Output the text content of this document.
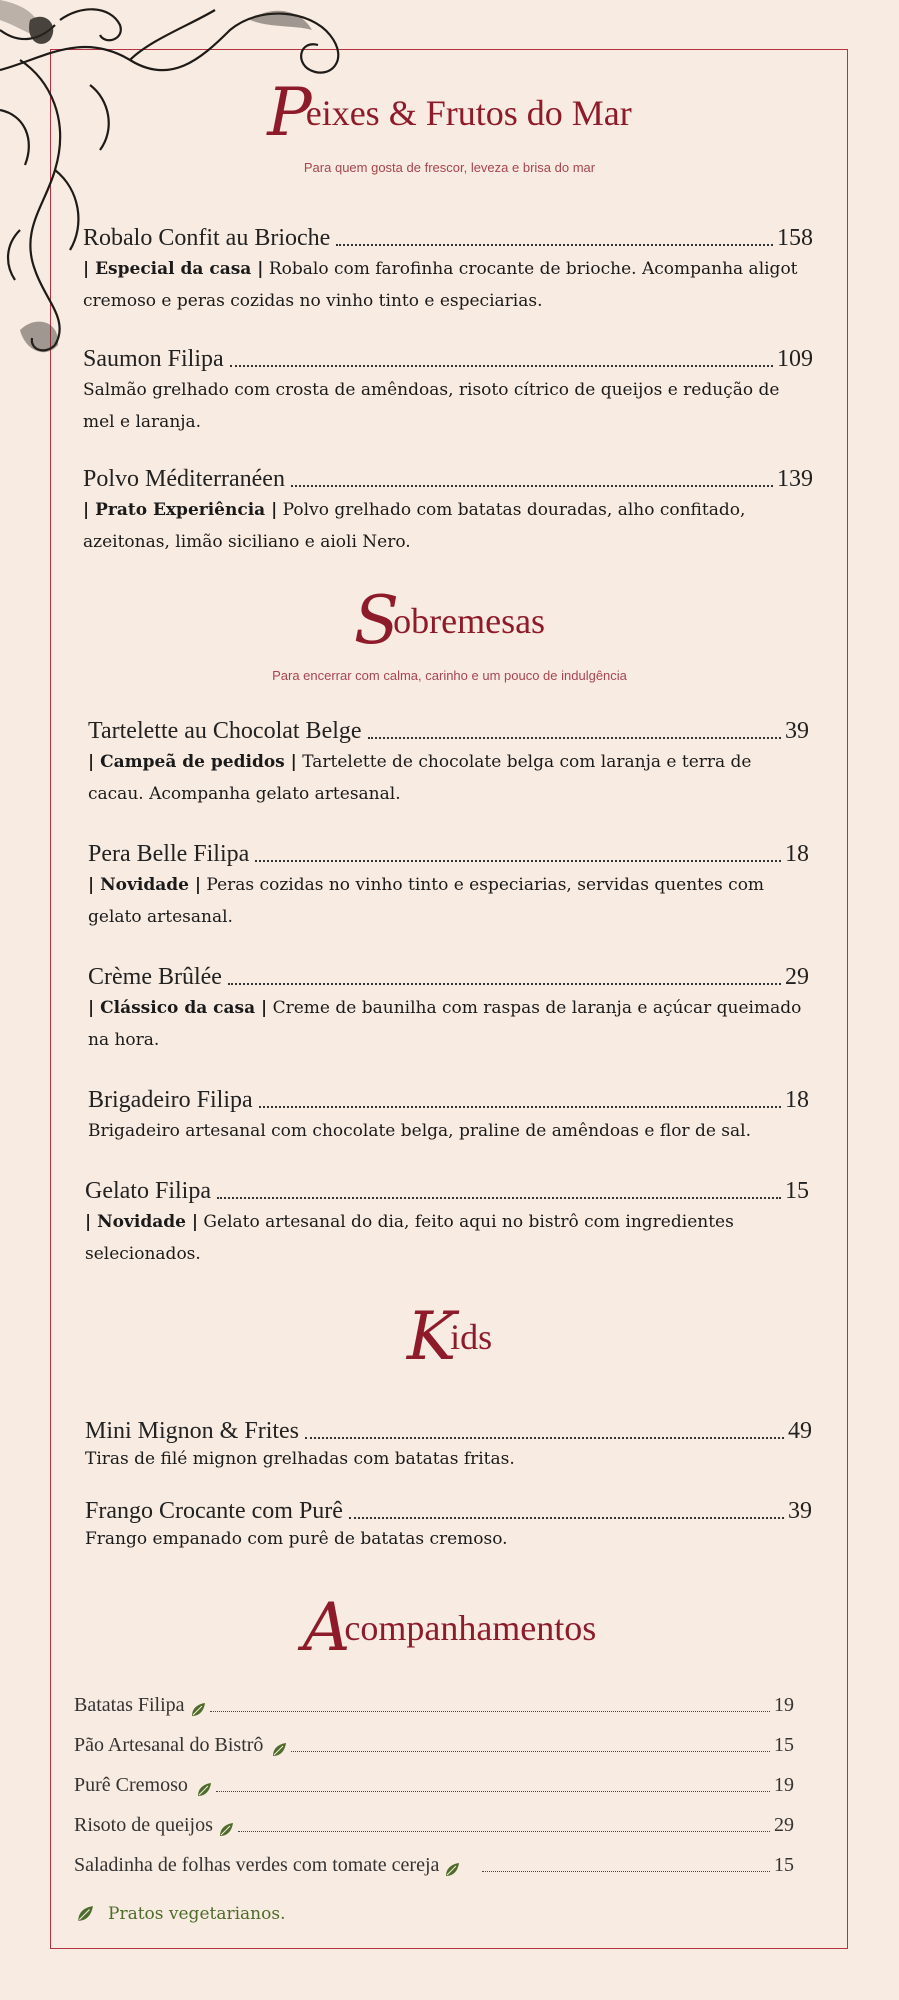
Peixes & Frutos do Mar
Para quem gosta de frescor, leveza e brisa do mar
Robalo Confit au Brioche	158
| Especial da casa | Robalo com farofinha crocante de brioche. Acompanha aligot cremoso e peras cozidas no vinho tinto e especiarias.
Saumon Filipa	109
Salmão grelhado com crosta de amêndoas, risoto cítrico de queijos e redução de mel e laranja.
Polvo Méditerranéen	139
| Prato Experiência | Polvo grelhado com batatas douradas, alho confitado, azeitonas, limão siciliano e aioli Nero.
Sobremesas
Para encerrar com calma, carinho e um pouco de indulgência
Tartelette au Chocolat Belge	39
| Campeã de pedidos | Tartelette de chocolate belga com laranja e terra de cacau. Acompanha gelato artesanal.
Pera Belle Filipa	18
| Novidade | Peras cozidas no vinho tinto e especiarias, servidas quentes com gelato artesanal.
Crème Brûlée	29
| Clássico da casa | Creme de baunilha com raspas de laranja e açúcar queimado na hora.
Brigadeiro Filipa	18
Brigadeiro artesanal com chocolate belga, praline de amêndoas e flor de sal.
Gelato Filipa	15
| Novidade | Gelato artesanal do dia, feito aqui no bistrô com ingredientes selecionados.
Kids
Mini Mignon & Frites	49
Tiras de filé mignon grelhadas com batatas fritas.
Frango Crocante com Purê	39
Frango empanado com purê de batatas cremoso.
Acompanhamentos
Batatas Filipa	19
Pão Artesanal do Bistrô	15
Purê Cremoso	19
Risoto de queijos	29
Saladinha de folhas verdes com tomate cereja	15
Pratos vegetarianos.
